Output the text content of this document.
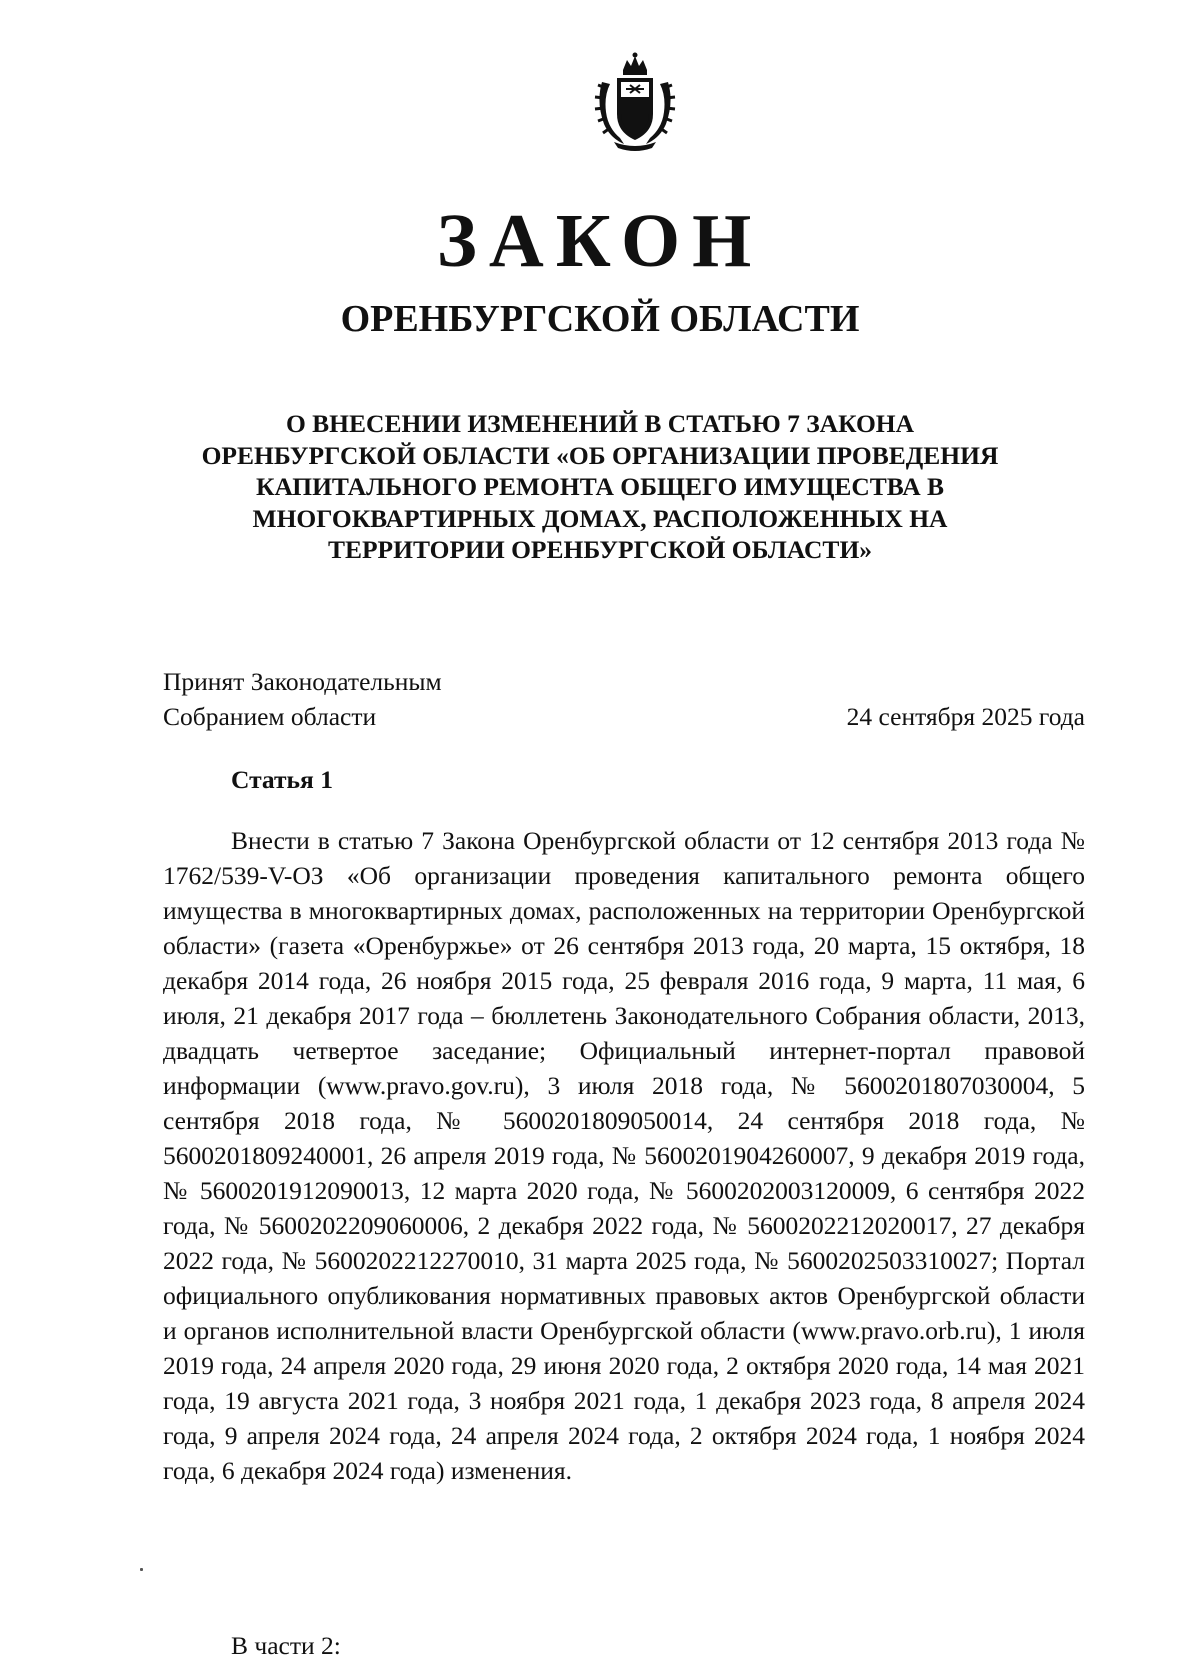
ЗАКОН
ОРЕНБУРГСКОЙ ОБЛАСТИ
О ВНЕСЕНИИ ИЗМЕНЕНИЙ В СТАТЬЮ 7 ЗАКОНА
ОРЕНБУРГСКОЙ ОБЛАСТИ «ОБ ОРГАНИЗАЦИИ ПРОВЕДЕНИЯ
КАПИТАЛЬНОГО РЕМОНТА ОБЩЕГО ИМУЩЕСТВА В
МНОГОКВАРТИРНЫХ ДОМАХ, РАСПОЛОЖЕННЫХ НА
ТЕРРИТОРИИ ОРЕНБУРГСКОЙ ОБЛАСТИ»
Принят Законодательным
Собранием области	24 сентября 2025 года
Статья 1

Внести в статью 7 Закона Оренбургской области от 12 сентября 2013 года № 1762/539-V-ОЗ «Об организации проведения капитального ремонта общего имущества в многоквартирных домах, расположенных на территории Оренбургской области» (газета «Оренбуржье» от 26 сентября 2013 года, 20 марта, 15 октября, 18 декабря 2014 года, 26 ноября 2015 года, 25 февраля 2016 года, 9 марта, 11 мая, 6 июля, 21 декабря 2017 года – бюллетень Законодательного Собрания области, 2013, двадцать четвертое заседание; Официальный интернет-портал правовой информации (www.pravo.gov.ru), 3 июля 2018 года, № 5600201807030004, 5 сентября 2018 года, № 5600201809050014, 24 сентября 2018 года, № 5600201809240001, 26 апреля 2019 года, № 5600201904260007, 9 декабря 2019 года, № 5600201912090013, 12 марта 2020 года, № 5600202003120009, 6 сентября 2022 года, № 5600202209060006, 2 декабря 2022 года, № 5600202212020017, 27 декабря 2022 года, № 5600202212270010, 31 марта 2025 года, № 5600202503310027; Портал официального опубликования нормативных правовых актов Оренбургской области и органов исполнительной власти Оренбургской области (www.pravo.orb.ru), 1 июля 2019 года, 24 апреля 2020 года, 29 июня 2020 года, 2 октября 2020 года, 14 мая 2021 года, 19 августа 2021 года, 3 ноября 2021 года, 1 декабря 2023 года, 8 апреля 2024 года, 9 апреля 2024 года, 24 апреля 2024 года, 2 октября 2024 года, 1 ноября 2024 года, 6 декабря 2024 года) изменения.

В части 2:
